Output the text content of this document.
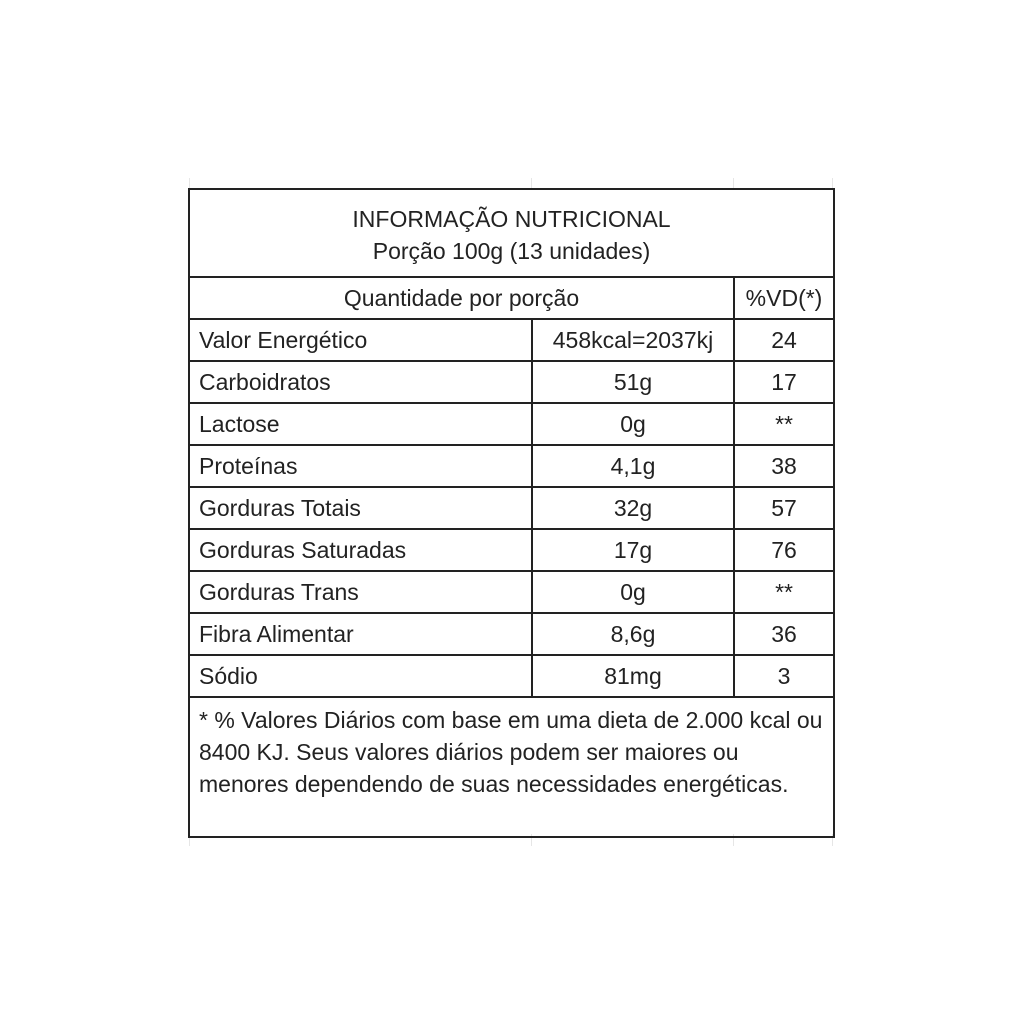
INFORMAÇÃO NUTRICIONAL
Porção 100g (13 unidades)		

Quantidade por porção		%VD(*)
Valor Energético	458kcal=2037kj	24
Carboidratos	51g	17
Lactose	0g	**
Proteínas	4,1g	38
Gorduras Totais	32g	57
Gorduras Saturadas	17g	76
Gorduras Trans	0g	**
Fibra Alimentar	8,6g	36
Sódio	81mg	3
* % Valores Diários com base em uma dieta de 2.000 kcal ou 8400 KJ. Seus valores diários podem ser maiores ou menores dependendo de suas necessidades energéticas.		
